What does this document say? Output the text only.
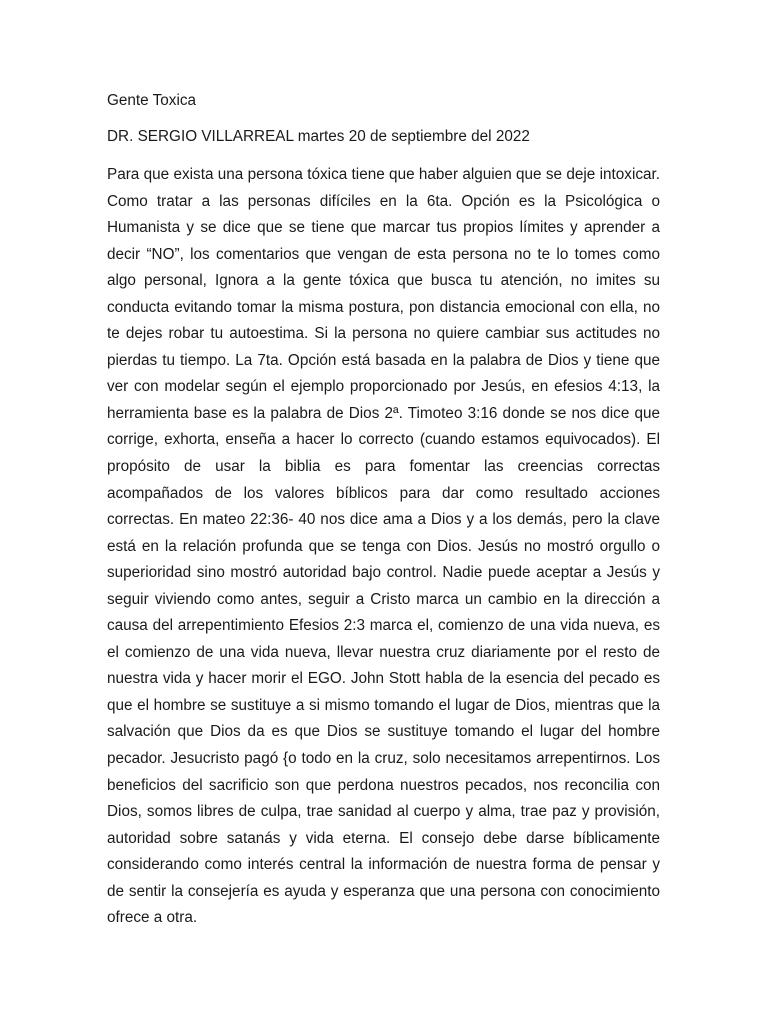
Gente Toxica
DR. SERGIO VILLARREAL martes 20 de septiembre del 2022
Para que exista una persona tóxica tiene que haber alguien que se deje intoxicar. Como tratar a las personas difíciles en la 6ta. Opción es la Psicológica o Humanista y se dice que se tiene que marcar tus propios límites y aprender a decir “NO”, los comentarios que vengan de esta persona no te lo tomes como algo personal, Ignora a la gente tóxica que busca tu atención, no imites su conducta evitando tomar la misma postura, pon distancia emocional con ella, no te dejes robar tu autoestima. Si la persona no quiere cambiar sus actitudes no pierdas tu tiempo. La 7ta. Opción está basada en la palabra de Dios y tiene que ver con modelar según el ejemplo proporcionado por Jesús, en efesios 4:13, la herramienta base es la palabra de Dios 2ª. Timoteo 3:16 donde se nos dice que corrige, exhorta, enseña a hacer lo correcto (cuando estamos equivocados). El propósito de usar la biblia es para fomentar las creencias correctas acompañados de los valores bíblicos para dar como resultado acciones correctas. En mateo 22:36- 40 nos dice ama a Dios y a los demás, pero la clave está en la relación profunda que se tenga con Dios. Jesús no mostró orgullo o superioridad sino mostró autoridad bajo control. Nadie puede aceptar a Jesús y seguir viviendo como antes, seguir a Cristo marca un cambio en la dirección a causa del arrepentimiento Efesios 2:3 marca el, comienzo de una vida nueva, es el comienzo de una vida nueva, llevar nuestra cruz diariamente por el resto de nuestra vida y hacer morir el EGO. John Stott habla de la esencia del pecado es que el hombre se sustituye a si mismo tomando el lugar de Dios, mientras que la salvación que Dios da es que Dios se sustituye tomando el lugar del hombre pecador. Jesucristo pagó {o todo en la cruz, solo necesitamos arrepentirnos. Los beneficios del sacrificio son que perdona nuestros pecados, nos reconcilia con Dios, somos libres de culpa, trae sanidad al cuerpo y alma, trae paz y provisión, autoridad sobre satanás y vida eterna. El consejo debe darse bíblicamente considerando como interés central la información de nuestra forma de pensar y de sentir la consejería es ayuda y esperanza que una persona con conocimiento ofrece a otra.
